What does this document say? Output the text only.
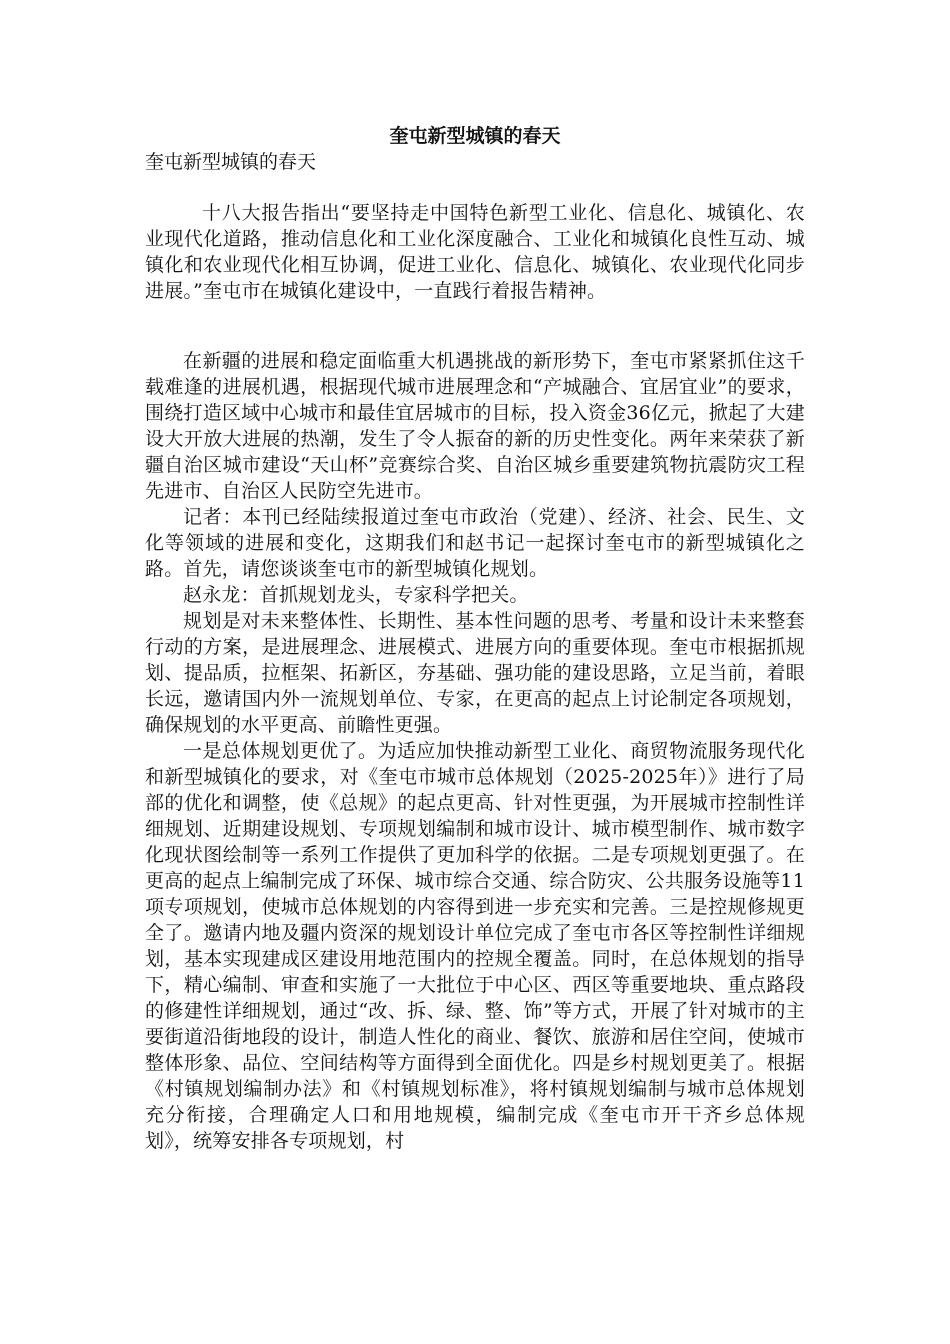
奎屯新型城镇的春天
奎屯新型城镇的春天

十八大报告指出“要坚持走中国特色新型工业化、信息化、城镇化、农业现代化道路，推动信息化和工业化深度融合、工业化和城镇化良性互动、城镇化和农业现代化相互协调，促进工业化、信息化、城镇化、农业现代化同步进展。”奎屯市在城镇化建设中，一直践行着报告精神。

在新疆的进展和稳定面临重大机遇挑战的新形势下，奎屯市紧紧抓住这千载难逢的进展机遇，根据现代城市进展理念和“产城融合、宜居宜业”的要求，围绕打造区域中心城市和最佳宜居城市的目标，投入资金36亿元，掀起了大建设大开放大进展的热潮，发生了令人振奋的新的历史性变化。两年来荣获了新疆自治区城市建设“天山杯”竞赛综合奖、自治区城乡重要建筑物抗震防灾工程先进市、自治区人民防空先进市。

记者：本刊已经陆续报道过奎屯市政治（党建）、经济、社会、民生、文化等领域的进展和变化，这期我们和赵书记一起探讨奎屯市的新型城镇化之路。首先，请您谈谈奎屯市的新型城镇化规划。

赵永龙：首抓规划龙头，专家科学把关。

规划是对未来整体性、长期性、基本性问题的思考、考量和设计未来整套行动的方案，是进展理念、进展模式、进展方向的重要体现。奎屯市根据抓规划、提品质，拉框架、拓新区，夯基础、强功能的建设思路，立足当前，着眼长远，邀请国内外一流规划单位、专家，在更高的起点上讨论制定各项规划，确保规划的水平更高、前瞻性更强。

一是总体规划更优了。为适应加快推动新型工业化、商贸物流服务现代化和新型城镇化的要求，对《奎屯市城市总体规划（2025-2025年）》进行了局部的优化和调整，使《总规》的起点更高、针对性更强，为开展城市控制性详细规划、近期建设规划、专项规划编制和城市设计、城市模型制作、城市数字化现状图绘制等一系列工作提供了更加科学的依据。二是专项规划更强了。在更高的起点上编制完成了环保、城市综合交通、综合防灾、公共服务设施等11项专项规划，使城市总体规划的内容得到进一步充实和完善。三是控规修规更全了。邀请内地及疆内资深的规划设计单位完成了奎屯市各区等控制性详细规划，基本实现建成区建设用地范围内的控规全覆盖。同时，在总体规划的指导下，精心编制、审查和实施了一大批位于中心区、西区等重要地块、重点路段的修建性详细规划，通过“改、拆、绿、整、饰”等方式，开展了针对城市的主要街道沿街地段的设计，制造人性化的商业、餐饮、旅游和居住空间，使城市整体形象、品位、空间结构等方面得到全面优化。四是乡村规划更美了。根据《村镇规划编制办法》和《村镇规划标准》，将村镇规划编制与城市总体规划充分衔接，合理确定人口和用地规模，编制完成《奎屯市开干齐乡总体规划》，统筹安排各专项规划，村
